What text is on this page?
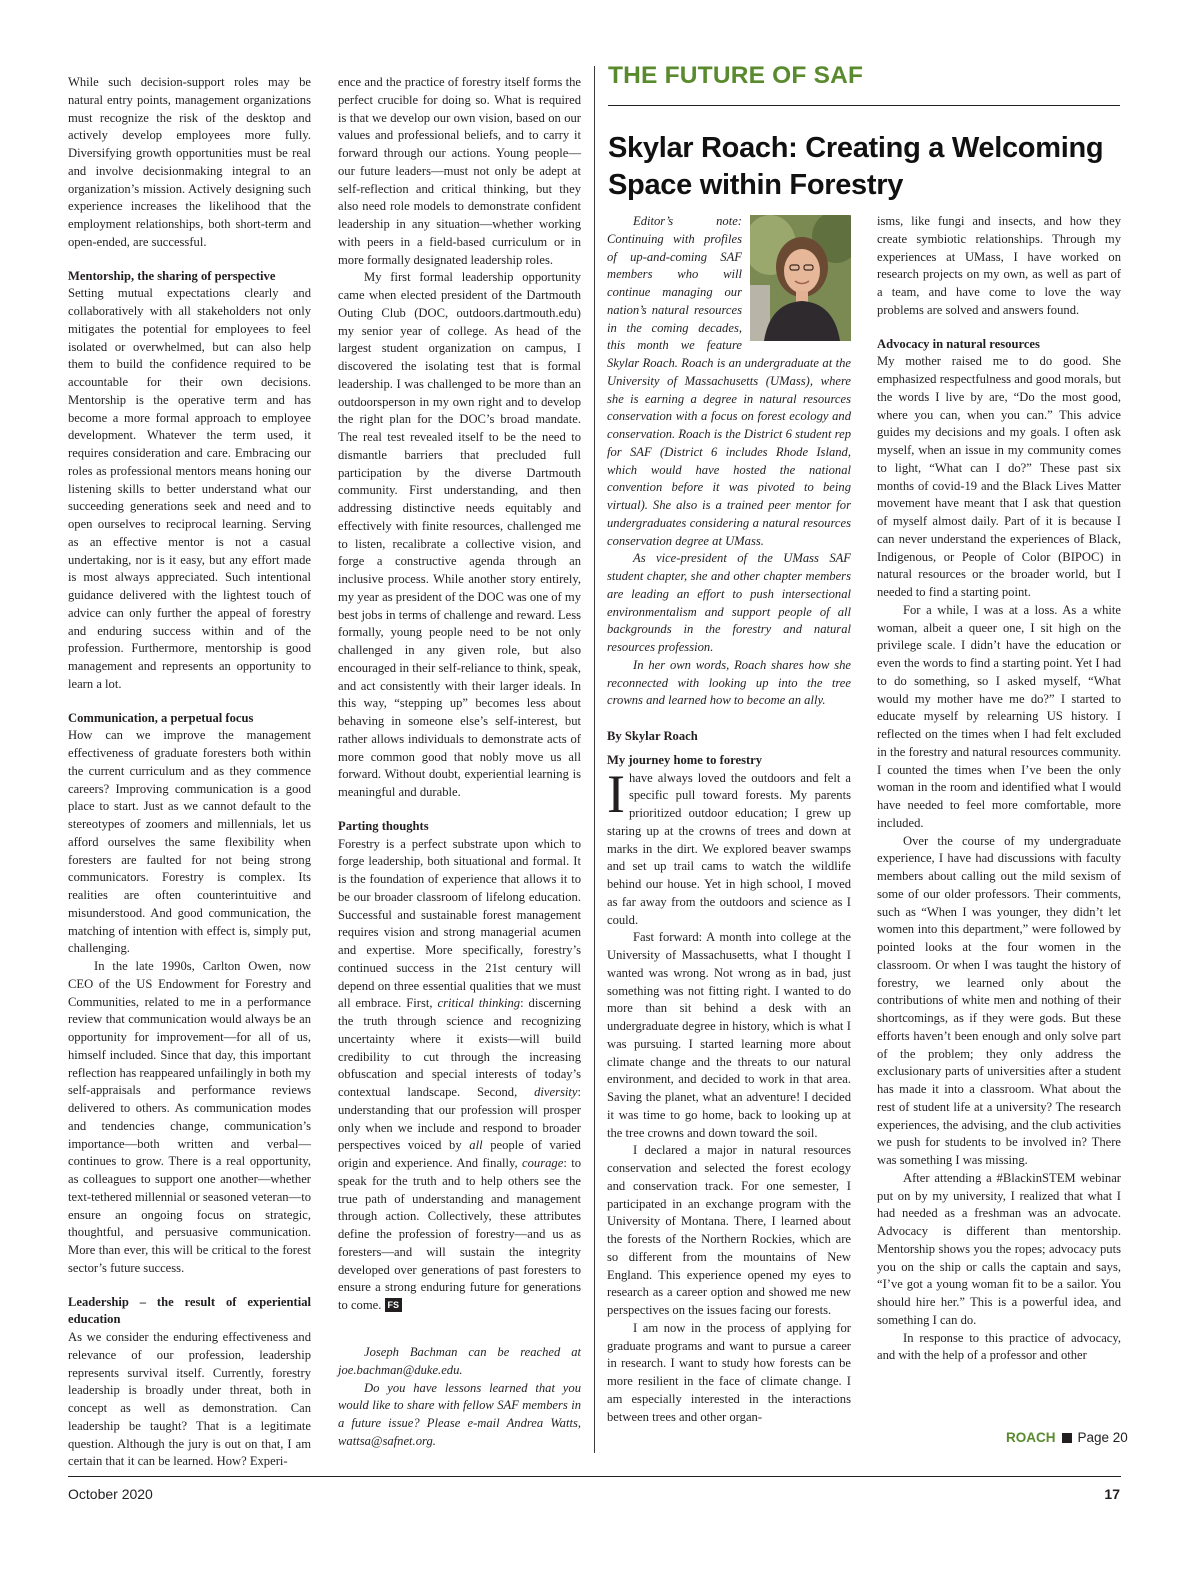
While such decision-support roles may be natural entry points, management organizations must recognize the risk of the desktop and actively develop employees more fully. Diversifying growth opportunities must be real and involve decisionmaking integral to an organization’s mission. Actively designing such experience increases the likelihood that the employment relationships, both short-term and open-ended, are successful.

Mentorship, the sharing of perspective

Setting mutual expectations clearly and collaboratively with all stakeholders not only mitigates the potential for employees to feel isolated or overwhelmed, but can also help them to build the confidence required to be accountable for their own decisions. Mentorship is the operative term and has become a more formal approach to employee development. Whatever the term used, it requires consideration and care. Embracing our roles as professional mentors means honing our listening skills to better understand what our succeeding generations seek and need and to open ourselves to reciprocal learning. Serving as an effective mentor is not a casual undertaking, nor is it easy, but any effort made is most always appreciated. Such intentional guidance delivered with the lightest touch of advice can only further the appeal of forestry and enduring success within and of the profession. Furthermore, mentorship is good management and represents an opportunity to learn a lot.

Communication, a perpetual focus

How can we improve the management effectiveness of graduate foresters both within the current curriculum and as they commence careers? Improving communication is a good place to start. Just as we cannot default to the stereotypes of zoomers and millennials, let us afford ourselves the same flexibility when foresters are faulted for not being strong communicators. Forestry is complex. Its realities are often counterintuitive and misunderstood. And good communication, the matching of intention with effect is, simply put, challenging.

In the late 1990s, Carlton Owen, now CEO of the US Endowment for Forestry and Communities, related to me in a performance review that communication would always be an opportunity for improvement—for all of us, himself included. Since that day, this important reflection has reappeared unfailingly in both my self-appraisals and performance reviews delivered to others. As communication modes and tendencies change, communication’s importance—both written and verbal—continues to grow. There is a real opportunity, as colleagues to support one another—whether text-tethered millennial or seasoned veteran—to ensure an ongoing focus on strategic, thoughtful, and persuasive communication. More than ever, this will be critical to the forest sector’s future success.

Leadership – the result of experiential education

As we consider the enduring effectiveness and relevance of our profession, leadership represents survival itself. Currently, forestry leadership is broadly under threat, both in concept as well as demonstration. Can leadership be taught? That is a legitimate question. Although the jury is out on that, I am certain that it can be learned. How? Experi-

ence and the practice of forestry itself forms the perfect crucible for doing so. What is required is that we develop our own vision, based on our values and professional beliefs, and to carry it forward through our actions. Young people—our future leaders—must not only be adept at self-reflection and critical thinking, but they also need role models to demonstrate confident leadership in any situation—whether working with peers in a field-based curriculum or in more formally designated leadership roles.

My first formal leadership opportunity came when elected president of the Dartmouth Outing Club (DOC, outdoors.dartmouth.edu) my senior year of college. As head of the largest student organization on campus, I discovered the isolating test that is formal leadership. I was challenged to be more than an outdoorsperson in my own right and to develop the right plan for the DOC’s broad mandate. The real test revealed itself to be the need to dismantle barriers that precluded full participation by the diverse Dartmouth community. First understanding, and then addressing distinctive needs equitably and effectively with finite resources, challenged me to listen, recalibrate a collective vision, and forge a constructive agenda through an inclusive process. While another story entirely, my year as president of the DOC was one of my best jobs in terms of challenge and reward. Less formally, young people need to be not only challenged in any given role, but also encouraged in their self-reliance to think, speak, and act consistently with their larger ideals. In this way, “stepping up” becomes less about behaving in someone else’s self-interest, but rather allows individuals to demonstrate acts of more common good that nobly move us all forward. Without doubt, experiential learning is meaningful and durable.

Parting thoughts

Forestry is a perfect substrate upon which to forge leadership, both situational and formal. It is the foundation of experience that allows it to be our broader classroom of lifelong education. Successful and sustainable forest management requires vision and strong managerial acumen and expertise. More specifically, forestry’s continued success in the 21st century will depend on three essential qualities that we must all embrace. First, critical thinking: discerning the truth through science and recognizing uncertainty where it exists—will build credibility to cut through the increasing obfuscation and special interests of today’s contextual landscape. Second, diversity: understanding that our profession will prosper only when we include and respond to broader perspectives voiced by all people of varied origin and experience. And finally, courage: to speak for the truth and to help others see the true path of understanding and management through action. Collectively, these attributes define the profession of forestry—and us as foresters—and will sustain the integrity developed over generations of past foresters to ensure a strong enduring future for generations to come. FS

Joseph Bachman can be reached at joe.bachman@duke.edu.

Do you have lessons learned that you would like to share with fellow SAF members in a future issue? Please e-mail Andrea Watts, wattsa@safnet.org.

THE FUTURE OF SAF
Skylar Roach: Creating a Welcoming Space within Forestry

Editor’s note: Continuing with profiles of up-and-coming SAF members who will continue managing our nation’s natural resources in the coming decades, this month we feature Skylar Roach. Roach is an undergraduate at the University of Massachusetts (UMass), where she is earning a degree in natural resources conservation with a focus on forest ecology and conservation. Roach is the District 6 student rep for SAF (District 6 includes Rhode Island, which would have hosted the national convention before it was pivoted to being virtual). She also is a trained peer mentor for undergraduates considering a natural resources conservation degree at UMass.

As vice-president of the UMass SAF student chapter, she and other chapter members are leading an effort to push intersectional environmentalism and support people of all backgrounds in the forestry and natural resources profession.

In her own words, Roach shares how she reconnected with looking up into the tree crowns and learned how to become an ally.

By Skylar Roach
My journey home to forestry

Ihave always loved the outdoors and felt a specific pull toward forests. My parents prioritized outdoor education; I grew up staring up at the crowns of trees and down at marks in the dirt. We explored beaver swamps and set up trail cams to watch the wildlife behind our house. Yet in high school, I moved as far away from the outdoors and science as I could.

Fast forward: A month into college at the University of Massachusetts, what I thought I wanted was wrong. Not wrong as in bad, just something was not fitting right. I wanted to do more than sit behind a desk with an undergraduate degree in history, which is what I was pursuing. I started learning more about climate change and the threats to our natural environment, and decided to work in that area. Saving the planet, what an adventure! I decided it was time to go home, back to looking up at the tree crowns and down toward the soil.

I declared a major in natural resources conservation and selected the forest ecology and conservation track. For one semester, I participated in an exchange program with the University of Montana. There, I learned about the forests of the Northern Rockies, which are so different from the mountains of New England. This experience opened my eyes to research as a career option and showed me new perspectives on the issues facing our forests.

I am now in the process of applying for graduate programs and want to pursue a career in research. I want to study how forests can be more resilient in the face of climate change. I am especially interested in the interactions between trees and other organ-

isms, like fungi and insects, and how they create symbiotic relationships. Through my experiences at UMass, I have worked on research projects on my own, as well as part of a team, and have come to love the way problems are solved and answers found.

Advocacy in natural resources

My mother raised me to do good. She emphasized respectfulness and good morals, but the words I live by are, “Do the most good, where you can, when you can.” This advice guides my decisions and my goals. I often ask myself, when an issue in my community comes to light, “What can I do?” These past six months of covid-19 and the Black Lives Matter movement have meant that I ask that question of myself almost daily. Part of it is because I can never understand the experiences of Black, Indigenous, or People of Color (BIPOC) in natural resources or the broader world, but I needed to find a starting point.

For a while, I was at a loss. As a white woman, albeit a queer one, I sit high on the privilege scale. I didn’t have the education or even the words to find a starting point. Yet I had to do something, so I asked myself, “What would my mother have me do?” I started to educate myself by relearning US history. I reflected on the times when I had felt excluded in the forestry and natural resources community. I counted the times when I’ve been the only woman in the room and identified what I would have needed to feel more comfortable, more included.

Over the course of my undergraduate experience, I have had discussions with faculty members about calling out the mild sexism of some of our older professors. Their comments, such as “When I was younger, they didn’t let women into this department,” were followed by pointed looks at the four women in the classroom. Or when I was taught the history of forestry, we learned only about the contributions of white men and nothing of their shortcomings, as if they were gods. But these efforts haven’t been enough and only solve part of the problem; they only address the exclusionary parts of universities after a student has made it into a classroom. What about the rest of student life at a university? The research experiences, the advising, and the club activities we push for students to be involved in? There was something I was missing.

After attending a #BlackinSTEM webinar put on by my university, I realized that what I had needed as a freshman was an advocate. Advocacy is different than mentorship. Mentorship shows you the ropes; advocacy puts you on the ship or calls the captain and says, “I’ve got a young woman fit to be a sailor. You should hire her.” This is a powerful idea, and something I can do.

In response to this practice of advocacy, and with the help of a professor and other

ROACH Page 20
October 2020	17
